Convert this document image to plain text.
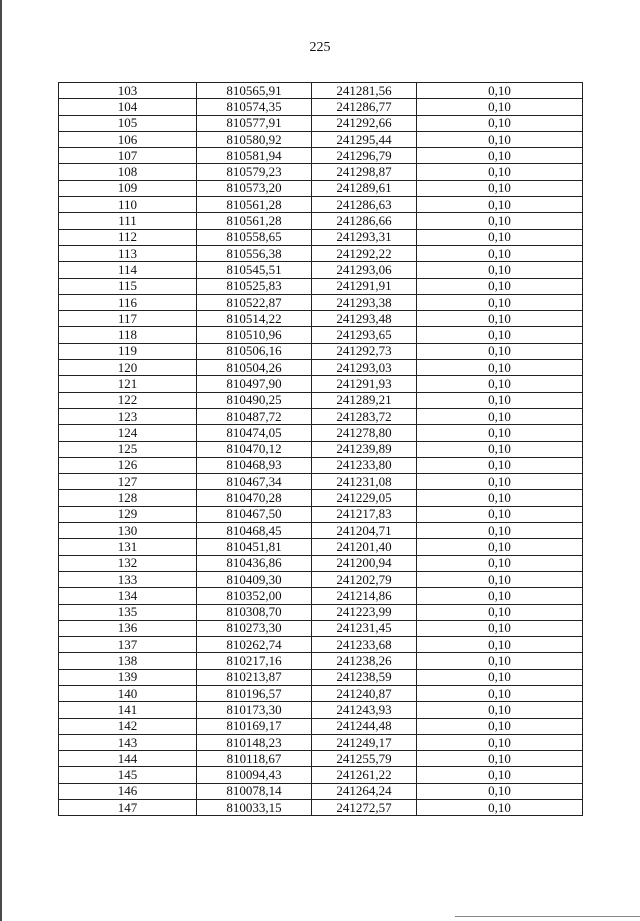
225
103	810565,91	241281,56	0,10
104	810574,35	241286,77	0,10
105	810577,91	241292,66	0,10
106	810580,92	241295,44	0,10
107	810581,94	241296,79	0,10
108	810579,23	241298,87	0,10
109	810573,20	241289,61	0,10
110	810561,28	241286,63	0,10
111	810561,28	241286,66	0,10
112	810558,65	241293,31	0,10
113	810556,38	241292,22	0,10
114	810545,51	241293,06	0,10
115	810525,83	241291,91	0,10
116	810522,87	241293,38	0,10
117	810514,22	241293,48	0,10
118	810510,96	241293,65	0,10
119	810506,16	241292,73	0,10
120	810504,26	241293,03	0,10
121	810497,90	241291,93	0,10
122	810490,25	241289,21	0,10
123	810487,72	241283,72	0,10
124	810474,05	241278,80	0,10
125	810470,12	241239,89	0,10
126	810468,93	241233,80	0,10
127	810467,34	241231,08	0,10
128	810470,28	241229,05	0,10
129	810467,50	241217,83	0,10
130	810468,45	241204,71	0,10
131	810451,81	241201,40	0,10
132	810436,86	241200,94	0,10
133	810409,30	241202,79	0,10
134	810352,00	241214,86	0,10
135	810308,70	241223,99	0,10
136	810273,30	241231,45	0,10
137	810262,74	241233,68	0,10
138	810217,16	241238,26	0,10
139	810213,87	241238,59	0,10
140	810196,57	241240,87	0,10
141	810173,30	241243,93	0,10
142	810169,17	241244,48	0,10
143	810148,23	241249,17	0,10
144	810118,67	241255,79	0,10
145	810094,43	241261,22	0,10
146	810078,14	241264,24	0,10
147	810033,15	241272,57	0,10
